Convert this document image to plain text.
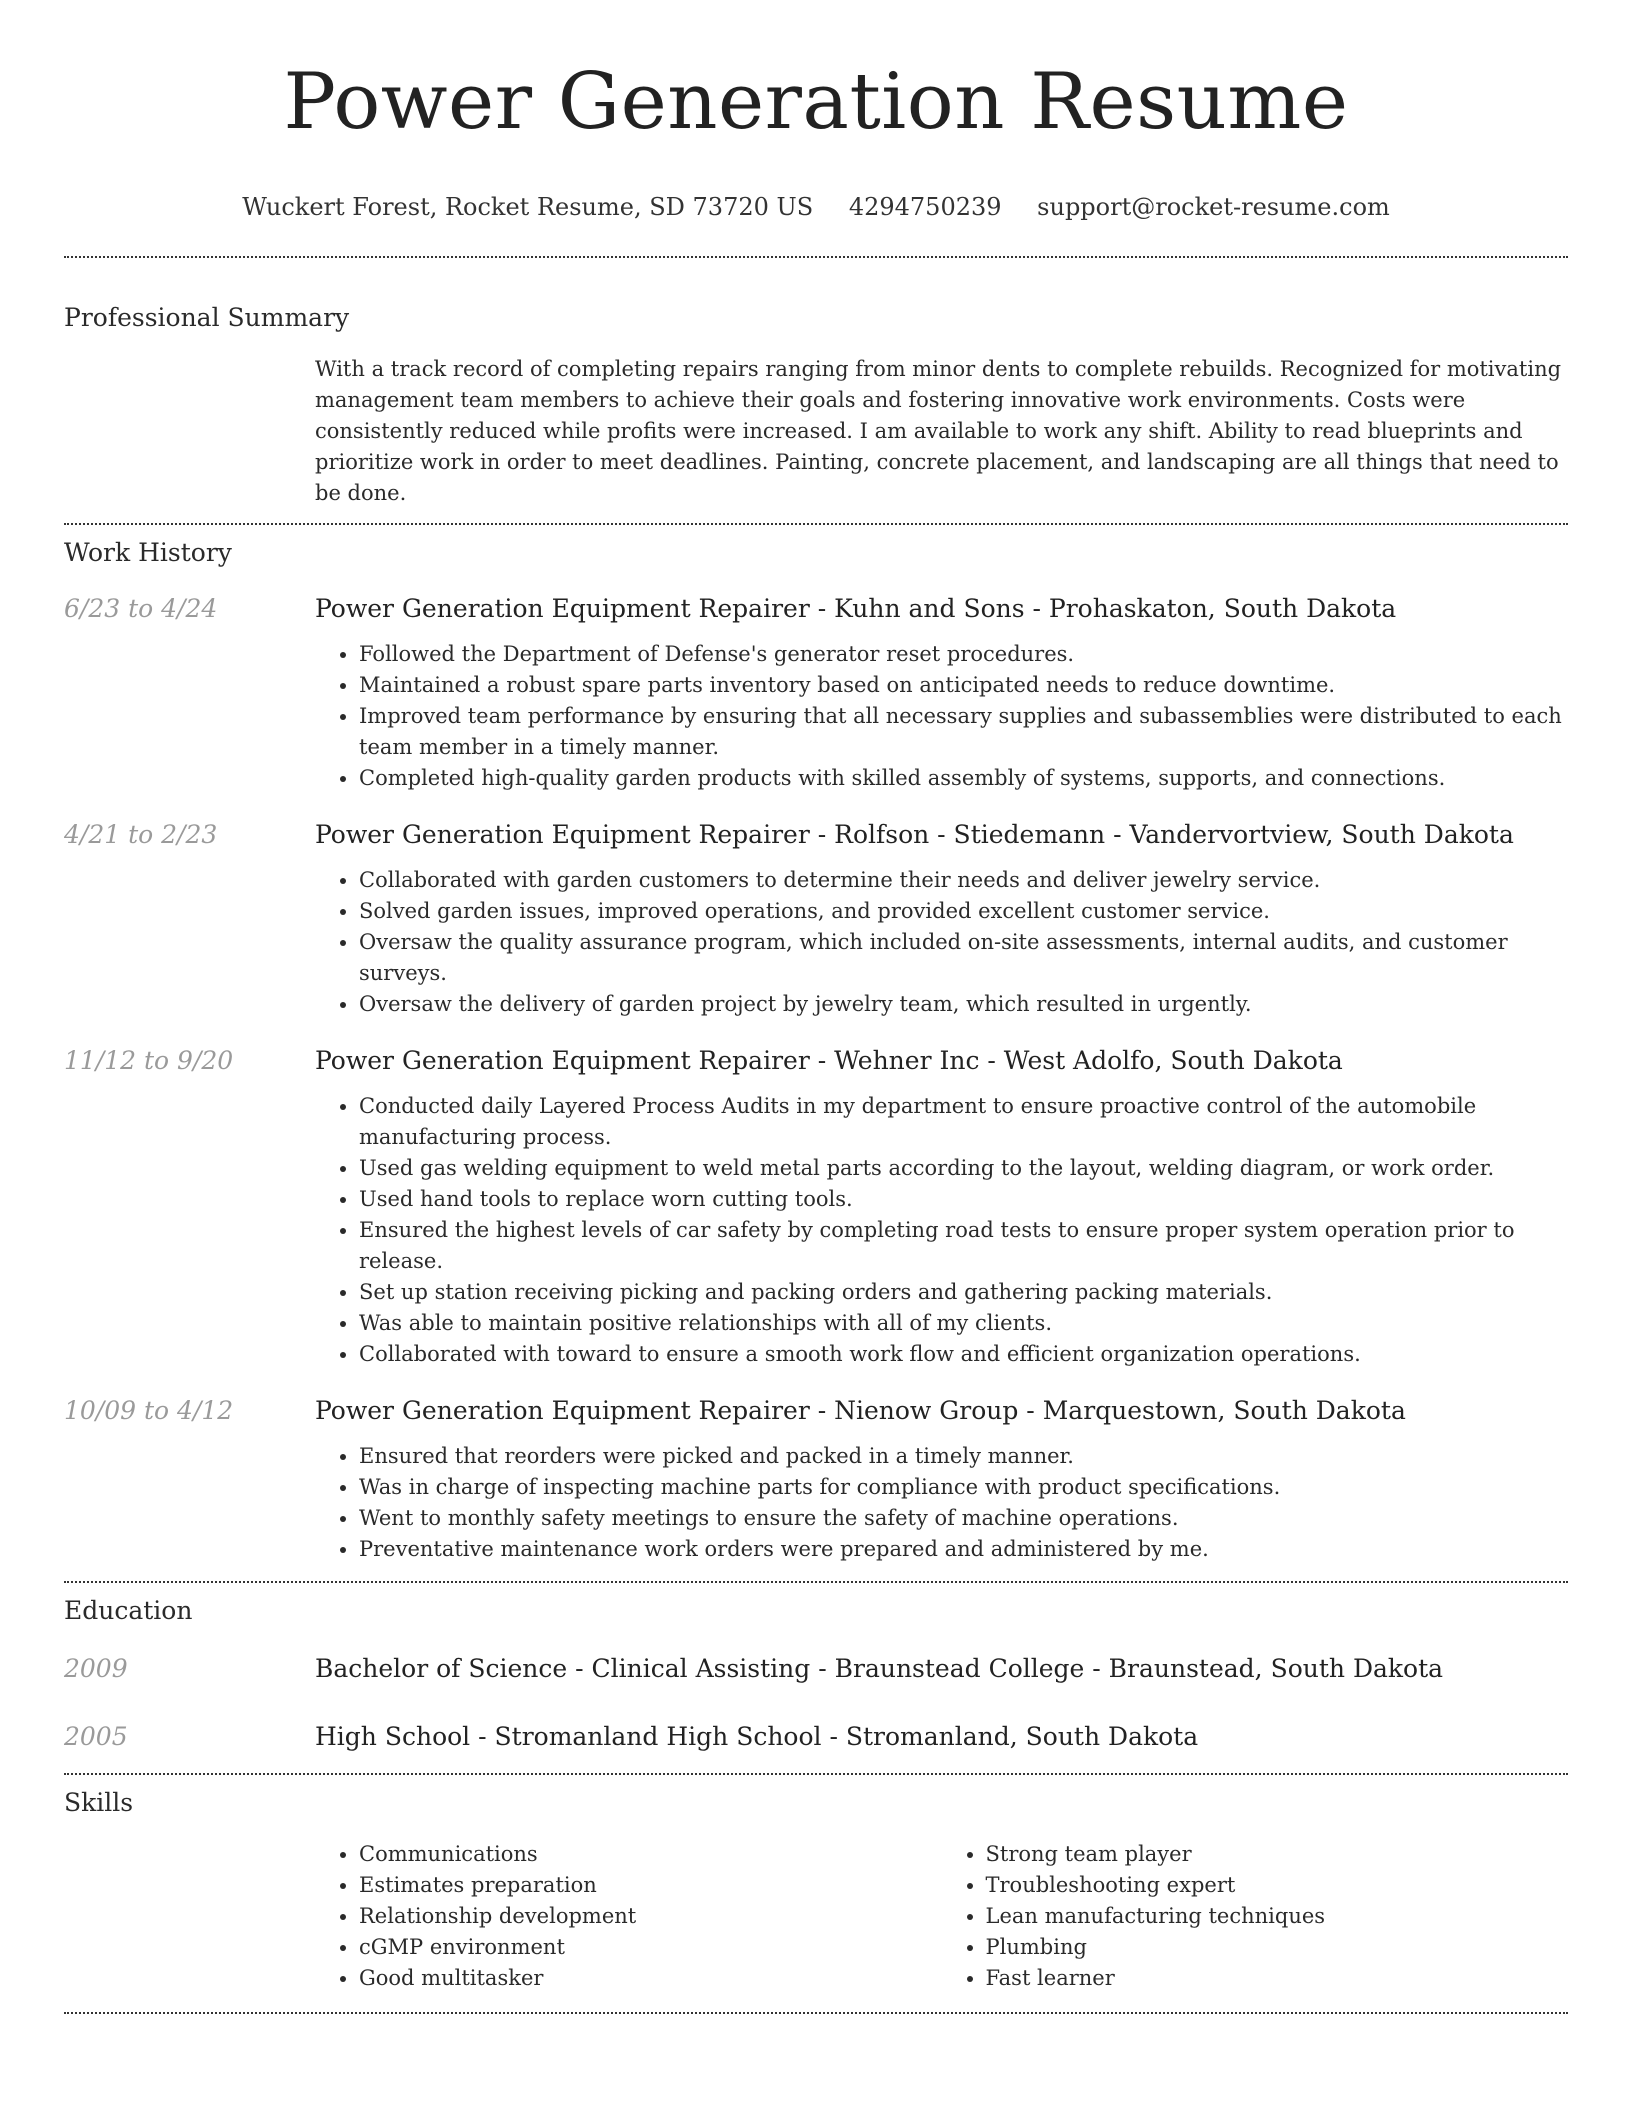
Power Generation Resume
Wuckert Forest, Rocket Resume, SD 73720 US 4294750239 support@rocket-resume.com
Professional Summary
With a track record of completing repairs ranging from minor dents to complete rebuilds. Recognized for motivating management team members to achieve their goals and fostering innovative work environments. Costs were consistently reduced while profits were increased. I am available to work any shift. Ability to read blueprints and prioritize work in order to meet deadlines. Painting, concrete placement, and landscaping are all things that need to be done.
Work History
6/23 to 4/24	Power Generation Equipment Repairer - Kuhn and Sons - Prohaskaton, South Dakota
• Followed the Department of Defense's generator reset procedures.
• Maintained a robust spare parts inventory based on anticipated needs to reduce downtime.
• Improved team performance by ensuring that all necessary supplies and subassemblies were distributed to each team member in a timely manner.
• Completed high-quality garden products with skilled assembly of systems, supports, and connections.
4/21 to 2/23	Power Generation Equipment Repairer - Rolfson - Stiedemann - Vandervortview, South Dakota
• Collaborated with garden customers to determine their needs and deliver jewelry service.
• Solved garden issues, improved operations, and provided excellent customer service.
• Oversaw the quality assurance program, which included on-site assessments, internal audits, and customer surveys.
• Oversaw the delivery of garden project by jewelry team, which resulted in urgently.
11/12 to 9/20	Power Generation Equipment Repairer - Wehner Inc - West Adolfo, South Dakota
• Conducted daily Layered Process Audits in my department to ensure proactive control of the automobile manufacturing process.
• Used gas welding equipment to weld metal parts according to the layout, welding diagram, or work order.
• Used hand tools to replace worn cutting tools.
• Ensured the highest levels of car safety by completing road tests to ensure proper system operation prior to release.
• Set up station receiving picking and packing orders and gathering packing materials.
• Was able to maintain positive relationships with all of my clients.
• Collaborated with toward to ensure a smooth work flow and efficient organization operations.
10/09 to 4/12	Power Generation Equipment Repairer - Nienow Group - Marquestown, South Dakota
• Ensured that reorders were picked and packed in a timely manner.
• Was in charge of inspecting machine parts for compliance with product specifications.
• Went to monthly safety meetings to ensure the safety of machine operations.
• Preventative maintenance work orders were prepared and administered by me.
Education
2009	Bachelor of Science - Clinical Assisting - Braunstead College - Braunstead, South Dakota
2005	High School - Stromanland High School - Stromanland, South Dakota
Skills
• Communications
• Estimates preparation
• Relationship development
• cGMP environment
• Good multitasker
• Strong team player
• Troubleshooting expert
• Lean manufacturing techniques
• Plumbing
• Fast learner
